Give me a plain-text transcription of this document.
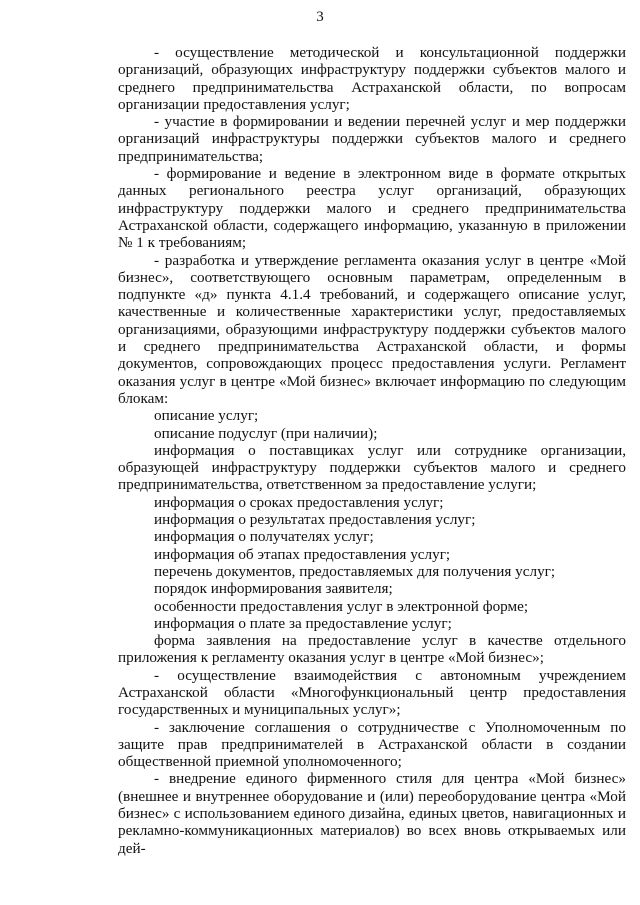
3

- осуществление методической и консультационной поддержки организаций, образующих инфраструктуру поддержки субъектов малого и среднего предпринимательства Астраханской области, по вопросам организации предоставления услуг;

- участие в формировании и ведении перечней услуг и мер поддержки организаций инфраструктуры поддержки субъектов малого и среднего предпринимательства;

- формирование и ведение в электронном виде в формате открытых данных регионального реестра услуг организаций, образующих инфраструктуру поддержки малого и среднего предпринимательства Астраханской области, содержащего информацию, указанную в приложении № 1 к требованиям;

- разработка и утверждение регламента оказания услуг в центре «Мой бизнес», соответствующего основным параметрам, определенным в подпункте «д» пункта 4.1.4 требований, и содержащего описание услуг, качественные и количественные характеристики услуг, предоставляемых организациями, образующими инфраструктуру поддержки субъектов малого и среднего предпринимательства Астраханской области, и формы документов, сопровождающих процесс предоставления услуги. Регламент оказания услуг в центре «Мой бизнес» включает информацию по следующим блокам:

описание услуг;

описание подуслуг (при наличии);

информация о поставщиках услуг или сотруднике организации, образующей инфраструктуру поддержки субъектов малого и среднего предпринимательства, ответственном за предоставление услуги;

информация о сроках предоставления услуг;

информация о результатах предоставления услуг;

информация о получателях услуг;

информация об этапах предоставления услуг;

перечень документов, предоставляемых для получения услуг;

порядок информирования заявителя;

особенности предоставления услуг в электронной форме;

информация о плате за предоставление услуг;

форма заявления на предоставление услуг в качестве отдельного приложения к регламенту оказания услуг в центре «Мой бизнес»;

- осуществление взаимодействия с автономным учреждением Астраханской области «Многофункциональный центр предоставления государственных и муниципальных услуг»;

- заключение соглашения о сотрудничестве с Уполномоченным по защите прав предпринимателей в Астраханской области в создании общественной приемной уполномоченного;

- внедрение единого фирменного стиля для центра «Мой бизнес» (внешнее и внутреннее оборудование и (или) переоборудование центра «Мой бизнес» с использованием единого дизайна, единых цветов, навигационных и рекламно-коммуникационных материалов) во всех вновь открываемых или дей-
